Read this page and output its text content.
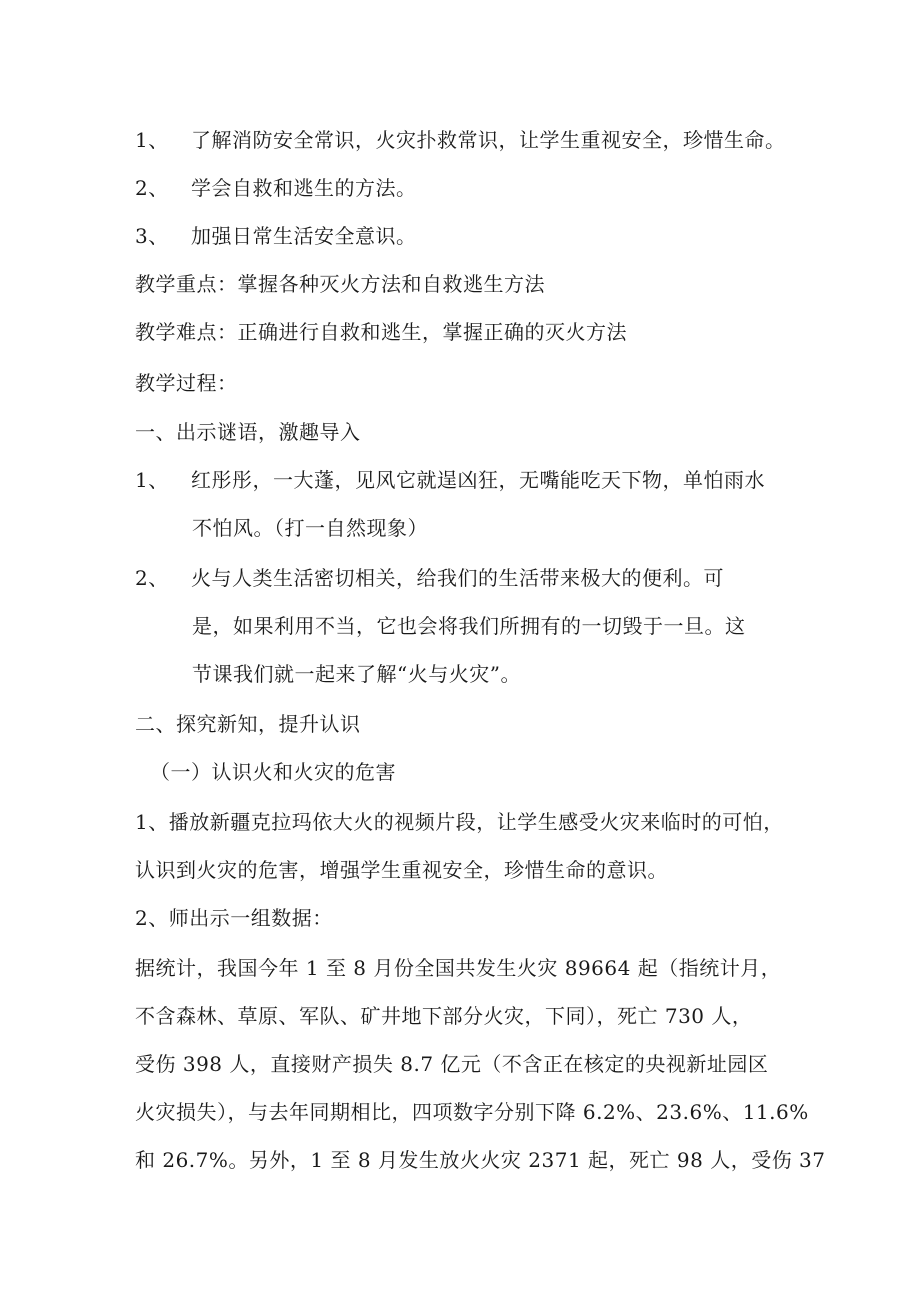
1、 了解消防安全常识，火灾扑救常识，让学生重视安全，珍惜生命。
2、 学会自救和逃生的方法。
3、 加强日常生活安全意识。
教学重点：掌握各种灭火方法和自救逃生方法
教学难点：正确进行自救和逃生，掌握正确的灭火方法
教学过程：
一、出示谜语，激趣导入
1、 红彤彤，一大蓬，见风它就逞凶狂，无嘴能吃天下物，单怕雨水
不怕风。（打一自然现象）
2、 火与人类生活密切相关，给我们的生活带来极大的便利。可
是，如果利用不当，它也会将我们所拥有的一切毁于一旦。这
节课我们就一起来了解“火与火灾”。
二、探究新知，提升认识
（一）认识火和火灾的危害
1、播放新疆克拉玛依大火的视频片段，让学生感受火灾来临时的可怕，
认识到火灾的危害，增强学生重视安全，珍惜生命的意识。
2、师出示一组数据：
据统计，我国今年 1 至 8 月份全国共发生火灾 89664 起（指统计月，
不含森林、草原、军队、矿井地下部分火灾，下同），死亡 730 人，
受伤 398 人，直接财产损失 8.7 亿元（不含正在核定的央视新址园区
火灾损失），与去年同期相比，四项数字分别下降 6.2%、23.6%、11.6%
和 26.7%。另外，1 至 8 月发生放火火灾 2371 起，死亡 98 人，受伤 37
